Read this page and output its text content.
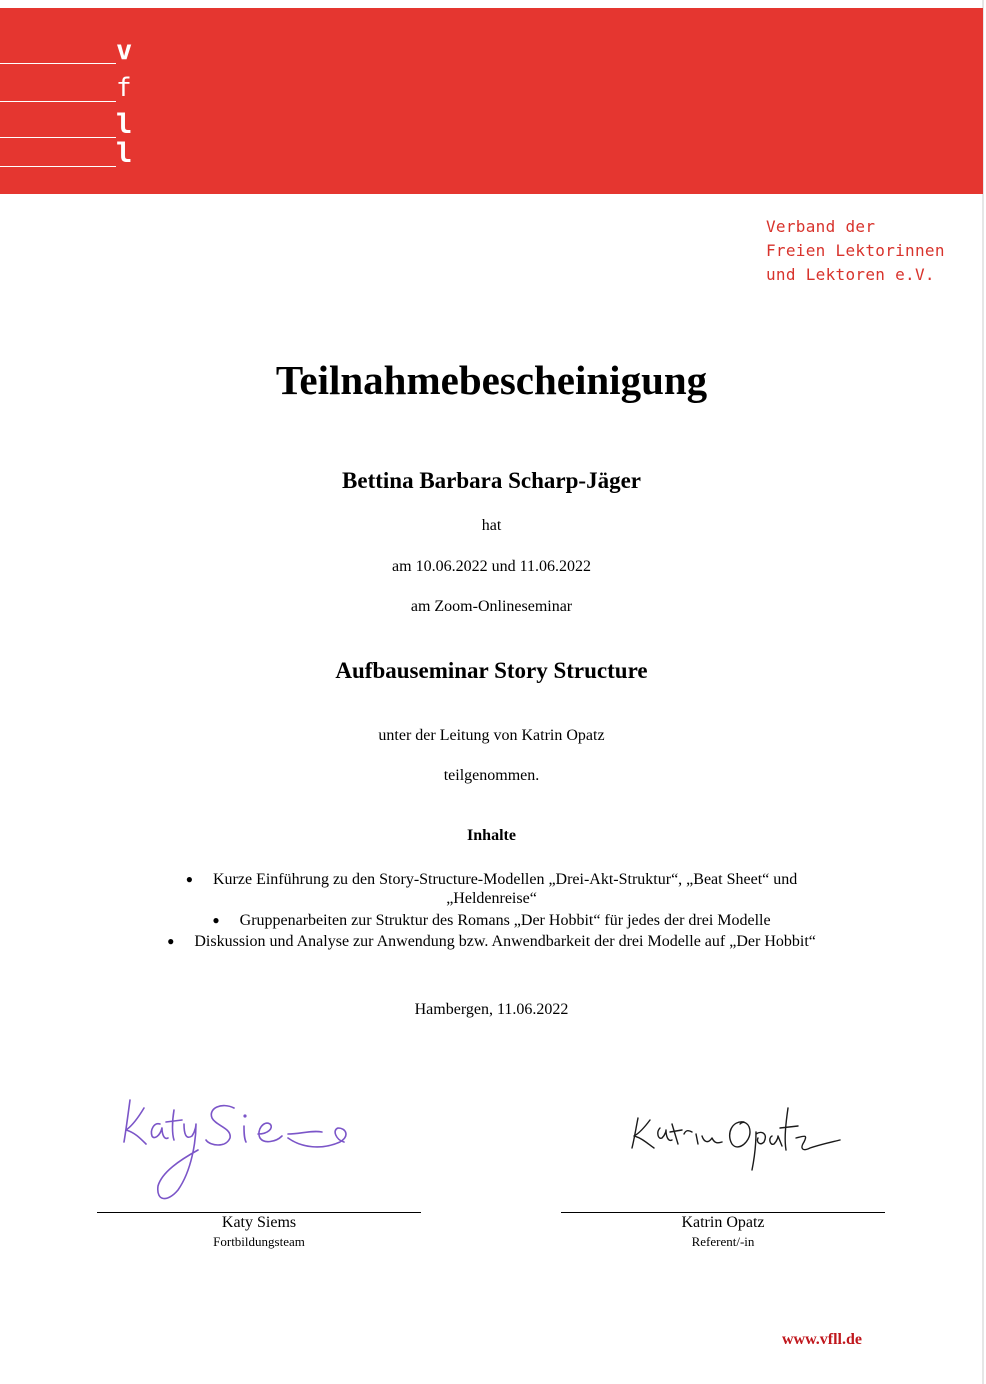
v
f
l
l
Verband der
Freien Lektorinnen
und Lektoren e.V.
Teilnahmebescheinigung
Bettina Barbara Scharp-Jäger
hat
am 10.06.2022 und 11.06.2022
am Zoom-Onlineseminar
Aufbauseminar Story Structure
unter der Leitung von Katrin Opatz
teilgenommen.
Inhalte
● Kurze Einführung zu den Story-Structure-Modellen „Drei-Akt-Struktur“, „Beat Sheet“ und
„Heldenreise“
● Gruppenarbeiten zur Struktur des Romans „Der Hobbit“ für jedes der drei Modelle
● Diskussion und Analyse zur Anwendung bzw. Anwendbarkeit der drei Modelle auf „Der Hobbit“
Hambergen, 11.06.2022
Katy Siems
Fortbildungsteam
Katrin Opatz
Referent/-in
www.vfll.de
